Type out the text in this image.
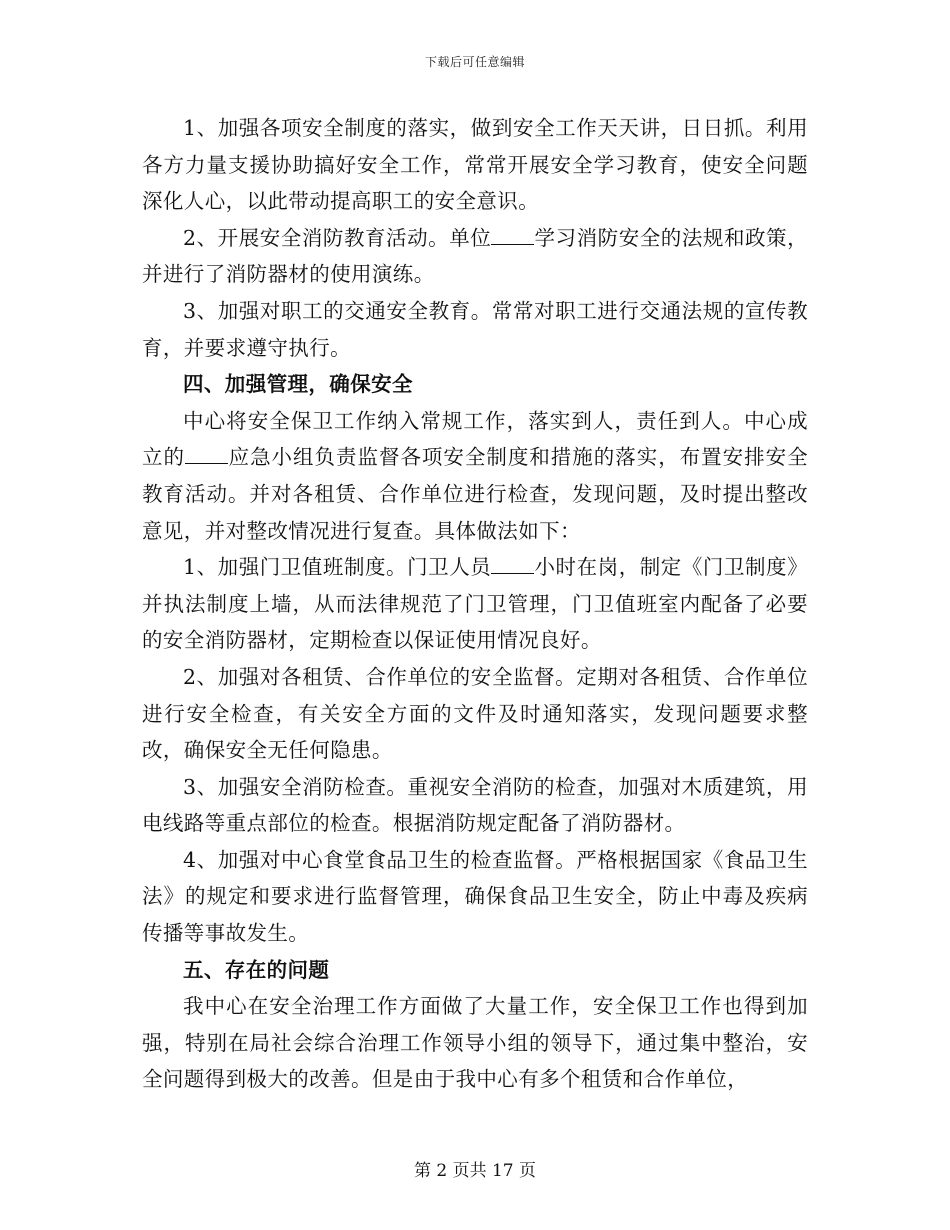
下载后可任意编辑

1、加强各项安全制度的落实，做到安全工作天天讲，日日抓。利用各方力量支援协助搞好安全工作，常常开展安全学习教育，使安全问题深化人心，以此带动提高职工的安全意识。

2、开展安全消防教育活动。单位 学习消防安全的法规和政策，并进行了消防器材的使用演练。

3、加强对职工的交通安全教育。常常对职工进行交通法规的宣传教育，并要求遵守执行。

四、加强管理，确保安全

中心将安全保卫工作纳入常规工作，落实到人，责任到人。中心成立的 应急小组负责监督各项安全制度和措施的落实，布置安排安全教育活动。并对各租赁、合作单位进行检查，发现问题，及时提出整改意见，并对整改情况进行复查。具体做法如下：

1、加强门卫值班制度。门卫人员 小时在岗，制定《门卫制度》并执法制度上墙，从而法律规范了门卫管理，门卫值班室内配备了必要的安全消防器材，定期检查以保证使用情况良好。

2、加强对各租赁、合作单位的安全监督。定期对各租赁、合作单位进行安全检查，有关安全方面的文件及时通知落实，发现问题要求整改，确保安全无任何隐患。

3、加强安全消防检查。重视安全消防的检查，加强对木质建筑，用电线路等重点部位的检查。根据消防规定配备了消防器材。

4、加强对中心食堂食品卫生的检查监督。严格根据国家《食品卫生法》的规定和要求进行监督管理，确保食品卫生安全，防止中毒及疾病传播等事故发生。

五、存在的问题

我中心在安全治理工作方面做了大量工作，安全保卫工作也得到加强，特别在局社会综合治理工作领导小组的领导下，通过集中整治，安全问题得到极大的改善。但是由于我中心有多个租赁和合作单位，

第 2 页共 17 页
